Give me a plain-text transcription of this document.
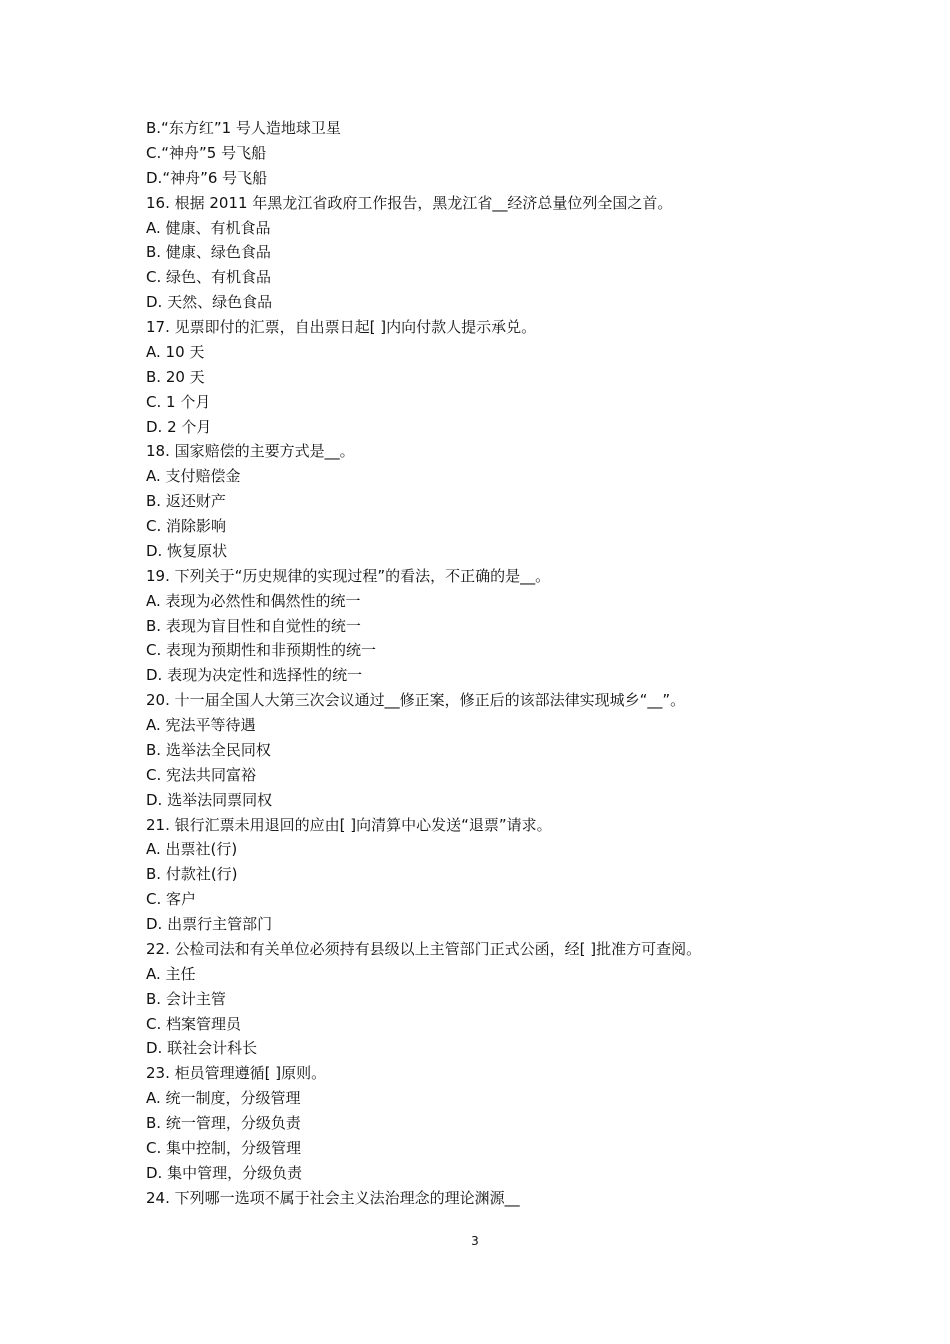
B.“东方红”1 号人造地球卫星
C.“神舟”5 号飞船
D.“神舟”6 号飞船
16. 根据 2011 年黑龙江省政府工作报告，黑龙江省__经济总量位列全国之首。
A. 健康、有机食品
B. 健康、绿色食品
C. 绿色、有机食品
D. 天然、绿色食品
17. 见票即付的汇票，自出票日起[ ]内向付款人提示承兑。
A. 10 天
B. 20 天
C. 1 个月
D. 2 个月
18. 国家赔偿的主要方式是__。
A. 支付赔偿金
B. 返还财产
C. 消除影响
D. 恢复原状
19. 下列关于“历史规律的实现过程”的看法，不正确的是__。
A. 表现为必然性和偶然性的统一
B. 表现为盲目性和自觉性的统一
C. 表现为预期性和非预期性的统一
D. 表现为决定性和选择性的统一
20. 十一届全国人大第三次会议通过__修正案，修正后的该部法律实现城乡“__”。
A. 宪法平等待遇
B. 选举法全民同权
C. 宪法共同富裕
D. 选举法同票同权
21. 银行汇票未用退回的应由[ ]向清算中心发送“退票”请求。
A. 出票社(行)
B. 付款社(行)
C. 客户
D. 出票行主管部门
22. 公检司法和有关单位必须持有县级以上主管部门正式公函，经[ ]批准方可查阅。
A. 主任
B. 会计主管
C. 档案管理员
D. 联社会计科长
23. 柜员管理遵循[ ]原则。
A. 统一制度，分级管理
B. 统一管理，分级负责
C. 集中控制，分级管理
D. 集中管理，分级负责
24. 下列哪一选项不属于社会主义法治理念的理论渊源__
3
